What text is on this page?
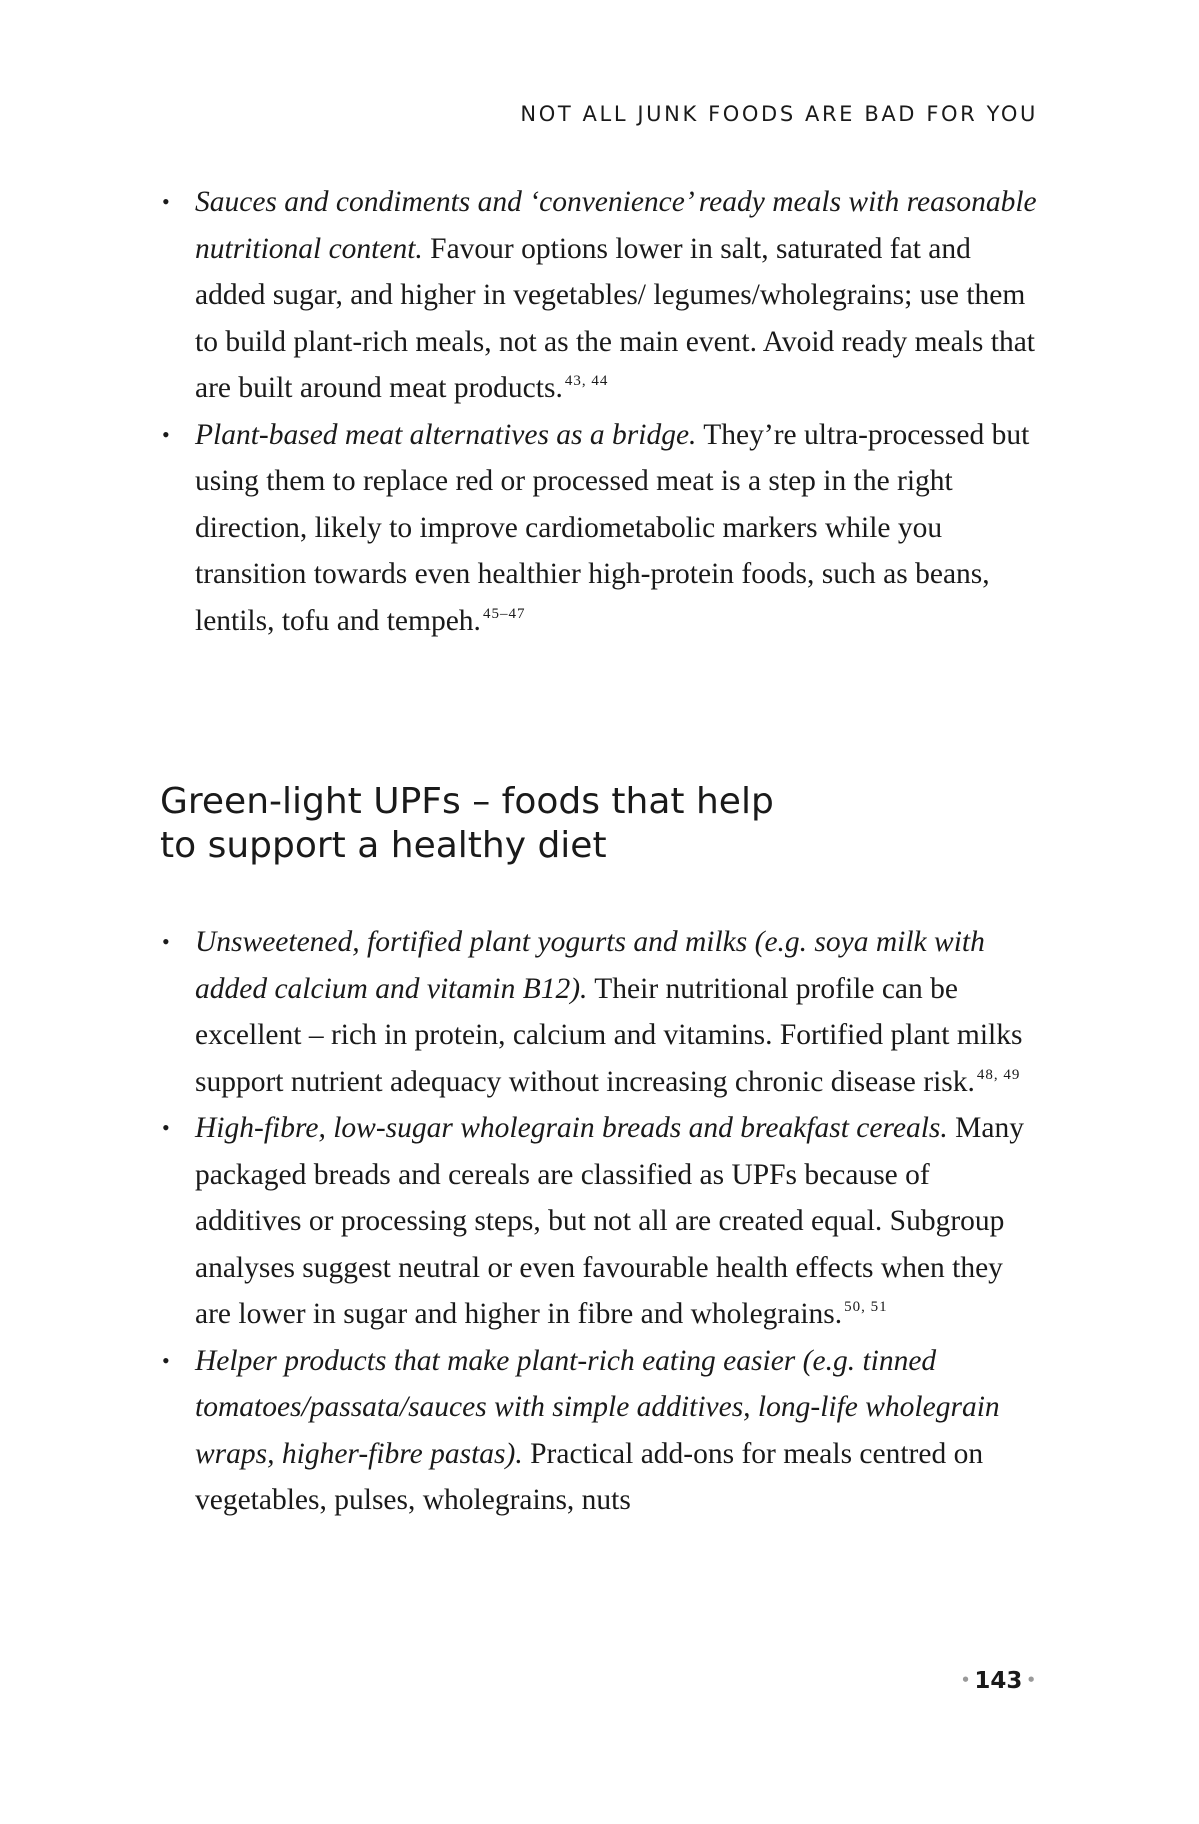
NOT ALL JUNK FOODS ARE BAD FOR YOU
• Sauces and condiments and ‘convenience’ ready meals with reasonable nutritional content. Favour options lower in salt, saturated fat and added sugar, and higher in vegetables/ legumes/wholegrains; use them to build plant-rich meals, not as the main event. Avoid ready meals that are built around meat products. $^{43, 44}$
• Plant-based meat alternatives as a bridge. They’re ultra-processed but using them to replace red or processed meat is a step in the right direction, likely to improve cardiometabolic markers while you transition towards even healthier high-protein foods, such as beans, lentils, tofu and tempeh. $^{45-47}$
Green-light UPFs – foods that help
to support a healthy diet
• Unsweetened, fortified plant yogurts and milks (e.g. soya milk with added calcium and vitamin B12). Their nutritional profile can be excellent – rich in protein, calcium and vitamins. Fortified plant milks support nutrient adequacy without increasing chronic disease risk. $^{48, 49}$
• High-fibre, low-sugar wholegrain breads and breakfast cereals. Many packaged breads and cereals are classified as UPFs because of additives or processing steps, but not all are created equal. Subgroup analyses suggest neutral or even favourable health effects when they are lower in sugar and higher in fibre and wholegrains. $^{50, 51}$
• Helper products that make plant-rich eating easier (e.g. tinned tomatoes/passata/sauces with simple additives, long-life wholegrain wraps, higher-fibre pastas). Practical add-ons for meals centred on vegetables, pulses, wholegrains, nuts
• 143 •
